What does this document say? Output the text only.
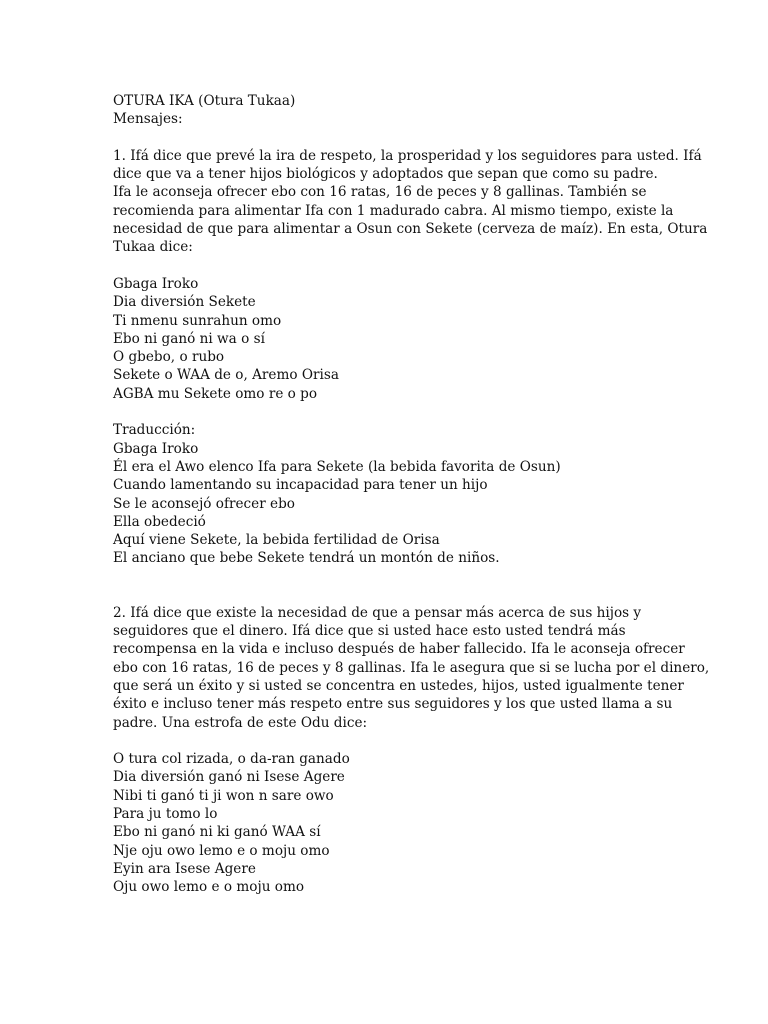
OTURA IKA (Otura Tukaa)
Mensajes:
1. Ifá dice que prevé la ira de respeto, la prosperidad y los seguidores para usted. Ifá
dice que va a tener hijos biológicos y adoptados que sepan que como su padre.
Ifa le aconseja ofrecer ebo con 16 ratas, 16 de peces y 8 gallinas. También se
recomienda para alimentar Ifa con 1 madurado cabra. Al mismo tiempo, existe la
necesidad de que para alimentar a Osun con Sekete (cerveza de maíz). En esta, Otura
Tukaa dice:
Gbaga Iroko
Dia diversión Sekete
Ti nmenu sunrahun omo
Ebo ni ganó ni wa o sí
O gbebo, o rubo
Sekete o WAA de o, Aremo Orisa
AGBA mu Sekete omo re o po
Traducción:
Gbaga Iroko
Él era el Awo elenco Ifa para Sekete (la bebida favorita de Osun)
Cuando lamentando su incapacidad para tener un hijo
Se le aconsejó ofrecer ebo
Ella obedeció
Aquí viene Sekete, la bebida fertilidad de Orisa
El anciano que bebe Sekete tendrá un montón de niños.
2. Ifá dice que existe la necesidad de que a pensar más acerca de sus hijos y
seguidores que el dinero. Ifá dice que si usted hace esto usted tendrá más
recompensa en la vida e incluso después de haber fallecido. Ifa le aconseja ofrecer
ebo con 16 ratas, 16 de peces y 8 gallinas. Ifa le asegura que si se lucha por el dinero,
que será un éxito y si usted se concentra en ustedes, hijos, usted igualmente tener
éxito e incluso tener más respeto entre sus seguidores y los que usted llama a su
padre. Una estrofa de este Odu dice:
O tura col rizada, o da-ran ganado
Dia diversión ganó ni Isese Agere
Nibi ti ganó ti ji won n sare owo
Para ju tomo lo
Ebo ni ganó ni ki ganó WAA sí
Nje oju owo lemo e o moju omo
Eyin ara Isese Agere
Oju owo lemo e o moju omo
